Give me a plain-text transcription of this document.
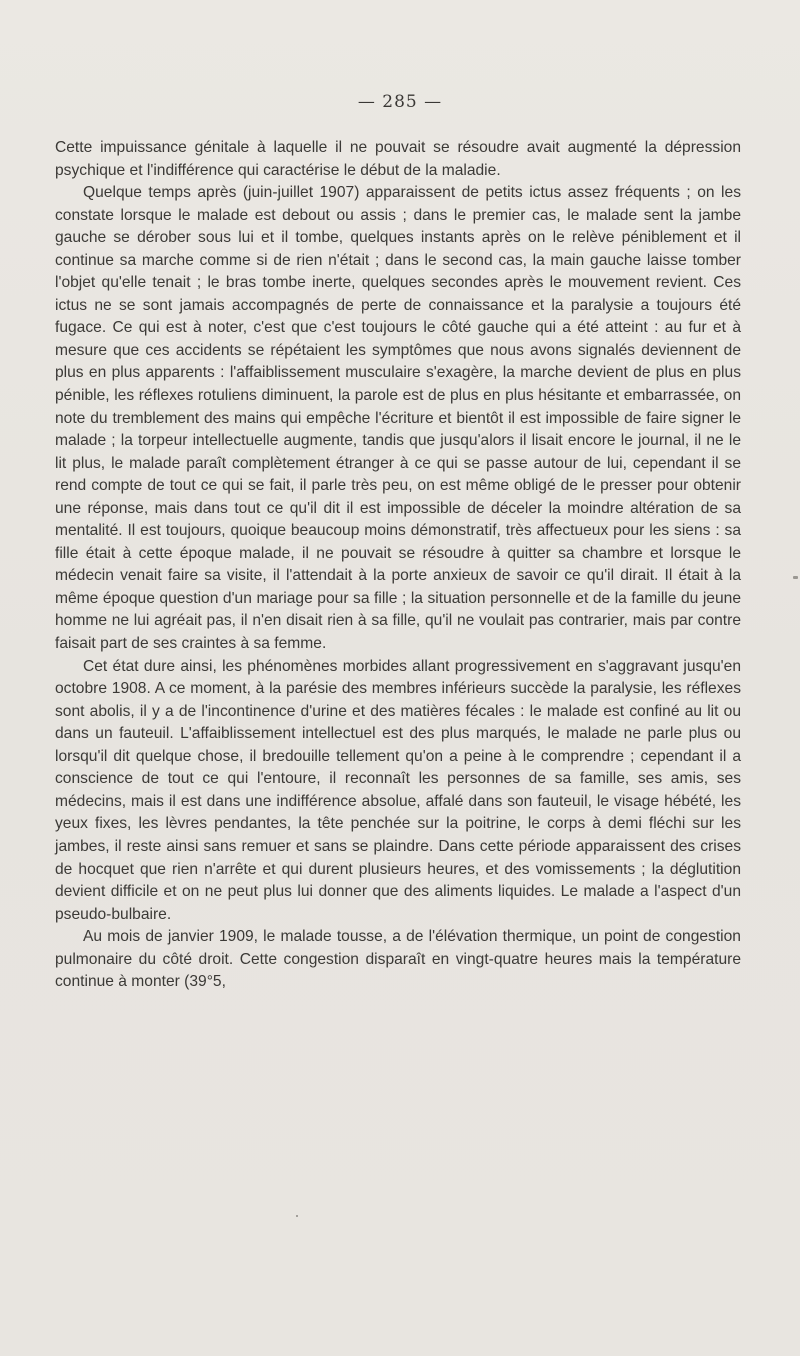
— 285 —

Cette impuissance génitale à laquelle il ne pouvait se résoudre avait augmenté la dépression psychique et l'indifférence qui caractérise le début de la maladie.

Quelque temps après (juin-juillet 1907) apparaissent de petits ictus assez fréquents ; on les constate lorsque le malade est debout ou assis ; dans le premier cas, le malade sent la jambe gauche se dérober sous lui et il tombe, quelques instants après on le relève péniblement et il continue sa marche comme si de rien n'était ; dans le second cas, la main gauche laisse tomber l'objet qu'elle tenait ; le bras tombe inerte, quelques secondes après le mouvement revient. Ces ictus ne se sont jamais accompagnés de perte de connaissance et la paralysie a toujours été fugace. Ce qui est à noter, c'est que c'est toujours le côté gauche qui a été atteint : au fur et à mesure que ces accidents se répétaient les symptômes que nous avons signalés deviennent de plus en plus apparents : l'affaiblissement musculaire s'exagère, la marche devient de plus en plus pénible, les réflexes rotuliens diminuent, la parole est de plus en plus hésitante et embarrassée, on note du tremblement des mains qui empêche l'écriture et bientôt il est impossible de faire signer le malade ; la torpeur intellectuelle augmente, tandis que jusqu'alors il lisait encore le journal, il ne le lit plus, le malade paraît complètement étranger à ce qui se passe autour de lui, cependant il se rend compte de tout ce qui se fait, il parle très peu, on est même obligé de le presser pour obtenir une réponse, mais dans tout ce qu'il dit il est impossible de déceler la moindre altération de sa mentalité. Il est toujours, quoique beaucoup moins démonstratif, très affectueux pour les siens : sa fille était à cette époque malade, il ne pouvait se résoudre à quitter sa chambre et lorsque le médecin venait faire sa visite, il l'attendait à la porte anxieux de savoir ce qu'il dirait. Il était à la même époque question d'un mariage pour sa fille ; la situation personnelle et de la famille du jeune homme ne lui agréait pas, il n'en disait rien à sa fille, qu'il ne voulait pas contrarier, mais par contre faisait part de ses craintes à sa femme.

Cet état dure ainsi, les phénomènes morbides allant progressivement en s'aggravant jusqu'en octobre 1908. A ce moment, à la parésie des membres inférieurs succède la paralysie, les réflexes sont abolis, il y a de l'incontinence d'urine et des matières fécales : le malade est confiné au lit ou dans un fauteuil. L'affaiblissement intellectuel est des plus marqués, le malade ne parle plus ou lorsqu'il dit quelque chose, il bredouille tellement qu'on a peine à le comprendre ; cependant il a conscience de tout ce qui l'entoure, il reconnaît les personnes de sa famille, ses amis, ses médecins, mais il est dans une indifférence absolue, affalé dans son fauteuil, le visage hébété, les yeux fixes, les lèvres pendantes, la tête penchée sur la poitrine, le corps à demi fléchi sur les jambes, il reste ainsi sans remuer et sans se plaindre. Dans cette période apparaissent des crises de hocquet que rien n'arrête et qui durent plusieurs heures, et des vomissements ; la déglutition devient difficile et on ne peut plus lui donner que des aliments liquides. Le malade a l'aspect d'un pseudo-bulbaire.

Au mois de janvier 1909, le malade tousse, a de l'élévation thermique, un point de congestion pulmonaire du côté droit. Cette congestion disparaît en vingt-quatre heures mais la température continue à monter (39°5,
